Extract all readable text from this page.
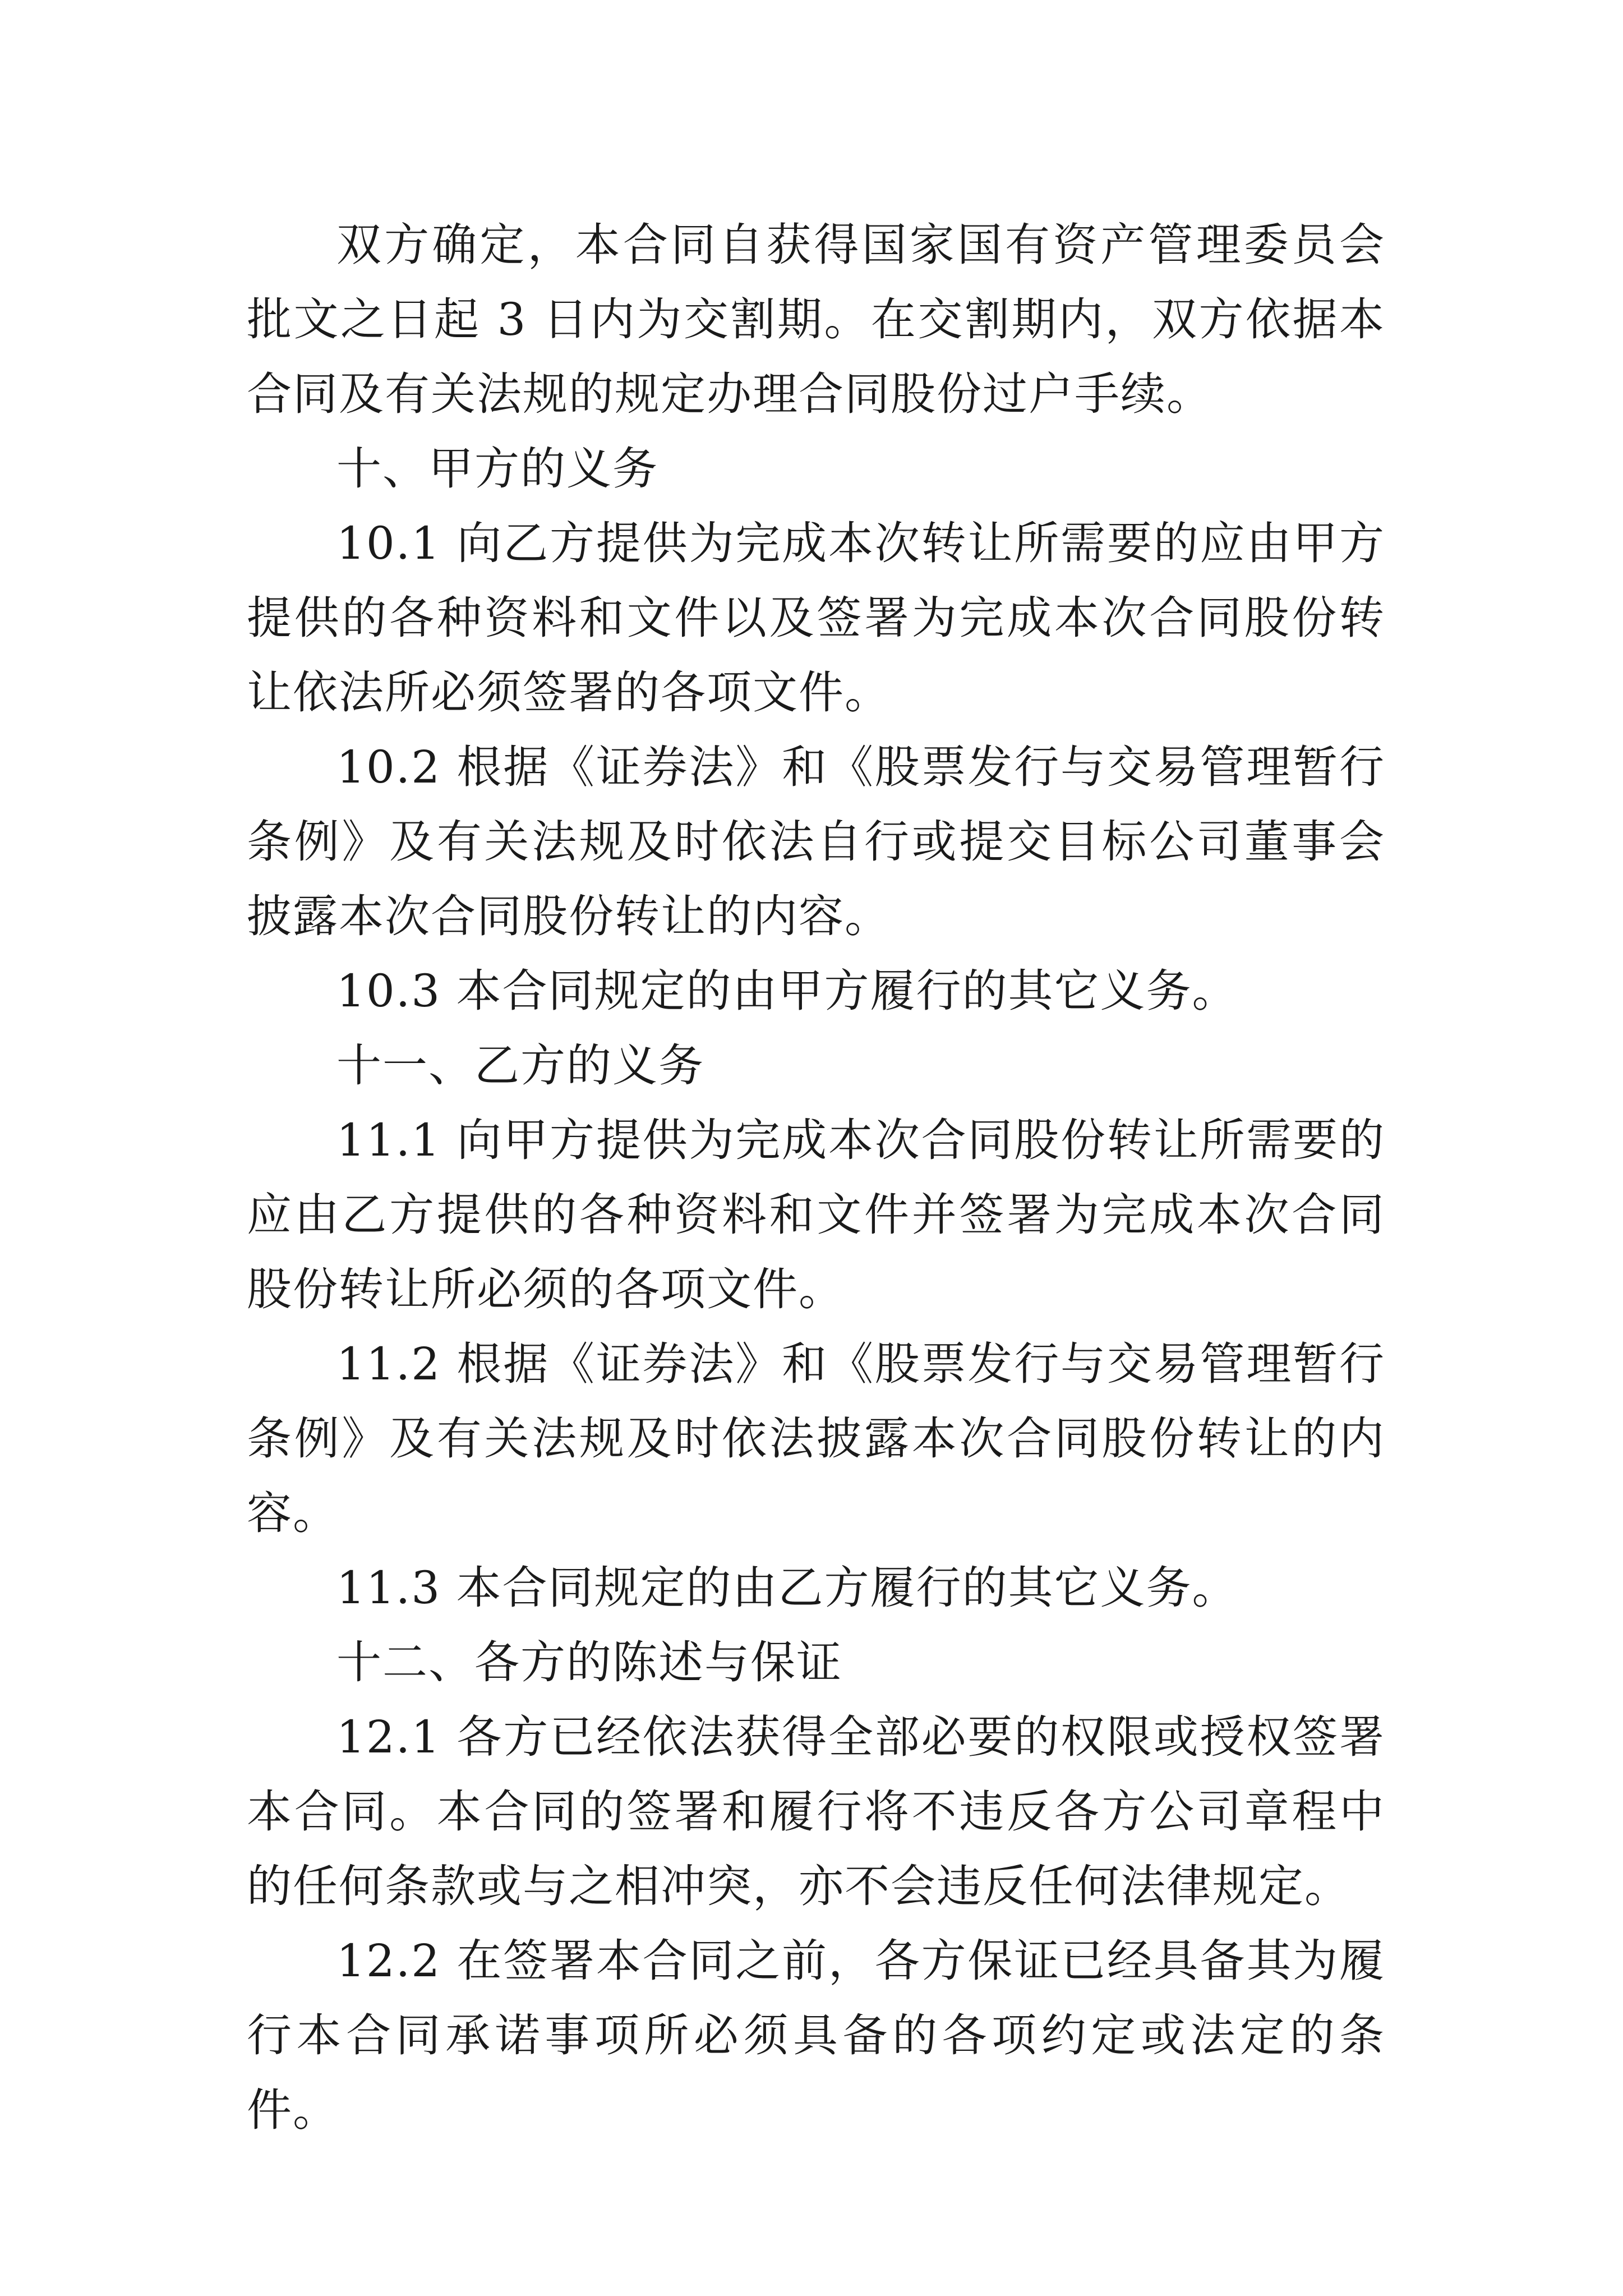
双方确定，本合同自获得国家国有资产管理委员会批文之日起 3 日内为交割期。在交割期内，双方依据本合同及有关法规的规定办理合同股份过户手续。

十、甲方的义务

10.1 向乙方提供为完成本次转让所需要的应由甲方提供的各种资料和文件以及签署为完成本次合同股份转让依法所必须签署的各项文件。

10.2 根据《证券法》和《股票发行与交易管理暂行条例》及有关法规及时依法自行或提交目标公司董事会披露本次合同股份转让的内容。

10.3 本合同规定的由甲方履行的其它义务。

十一、乙方的义务

11.1 向甲方提供为完成本次合同股份转让所需要的应由乙方提供的各种资料和文件并签署为完成本次合同股份转让所必须的各项文件。

11.2 根据《证券法》和《股票发行与交易管理暂行条例》及有关法规及时依法披露本次合同股份转让的内容。

11.3 本合同规定的由乙方履行的其它义务。

十二、各方的陈述与保证

12.1 各方已经依法获得全部必要的权限或授权签署本合同。本合同的签署和履行将不违反各方公司章程中的任何条款或与之相冲突，亦不会违反任何法律规定。

12.2 在签署本合同之前，各方保证已经具备其为履行本合同承诺事项所必须具备的各项约定或法定的条件。
